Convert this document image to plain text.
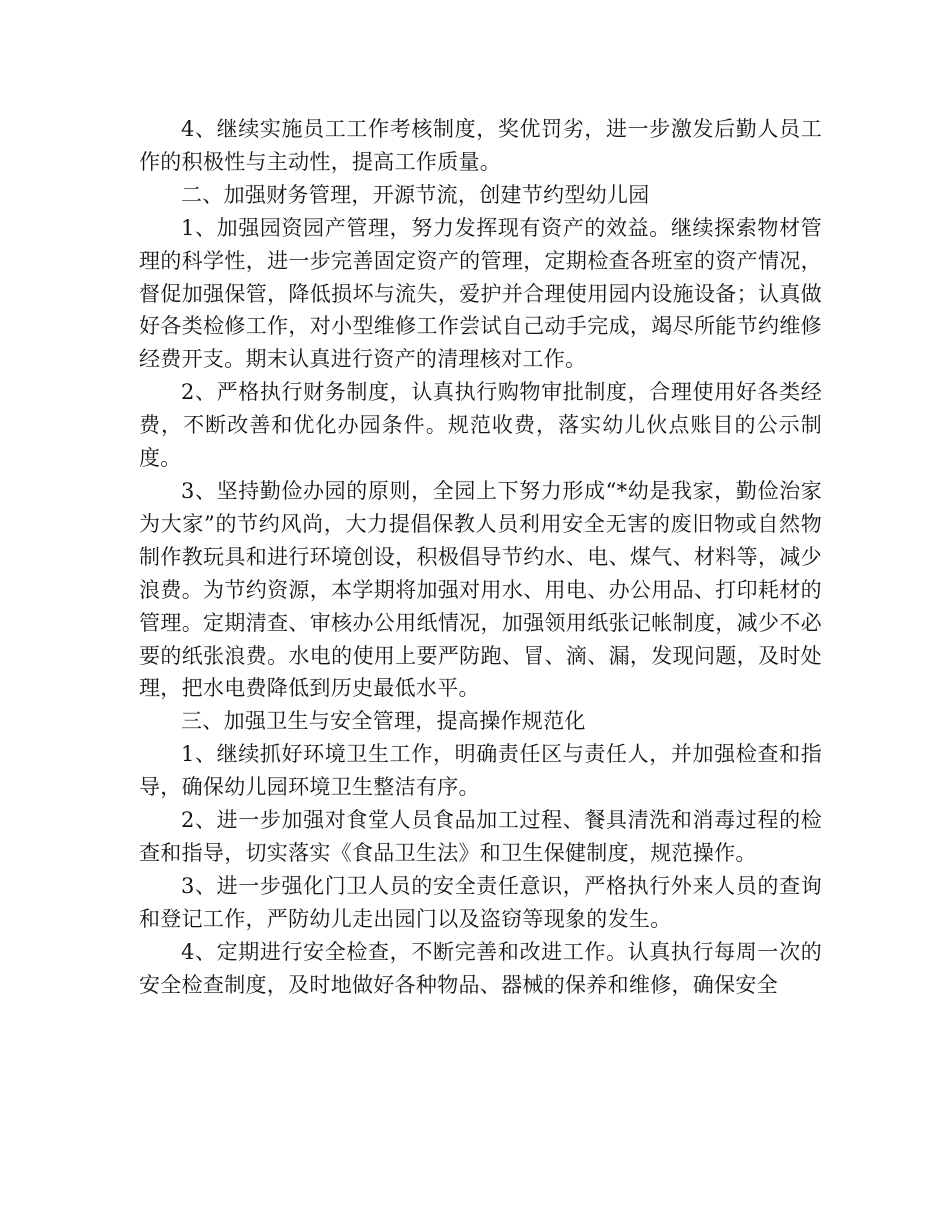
4、继续实施员工工作考核制度，奖优罚劣，进一步激发后勤人员工作的积极性与主动性，提高工作质量。

二、加强财务管理，开源节流，创建节约型幼儿园

1、加强园资园产管理，努力发挥现有资产的效益。继续探索物材管理的科学性，进一步完善固定资产的管理，定期检查各班室的资产情况，督促加强保管，降低损坏与流失，爱护并合理使用园内设施设备；认真做好各类检修工作，对小型维修工作尝试自己动手完成，竭尽所能节约维修经费开支。期末认真进行资产的清理核对工作。

2、严格执行财务制度，认真执行购物审批制度，合理使用好各类经费，不断改善和优化办园条件。规范收费，落实幼儿伙点账目的公示制度。

3、坚持勤俭办园的原则，全园上下努力形成“*幼是我家，勤俭治家为大家”的节约风尚，大力提倡保教人员利用安全无害的废旧物或自然物制作教玩具和进行环境创设，积极倡导节约水、电、煤气、材料等，减少浪费。为节约资源，本学期将加强对用水、用电、办公用品、打印耗材的管理。定期清查、审核办公用纸情况，加强领用纸张记帐制度，减少不必要的纸张浪费。水电的使用上要严防跑、冒、滴、漏，发现问题，及时处理，把水电费降低到历史最低水平。

三、加强卫生与安全管理，提高操作规范化

1、继续抓好环境卫生工作，明确责任区与责任人，并加强检查和指导，确保幼儿园环境卫生整洁有序。

2、进一步加强对食堂人员食品加工过程、餐具清洗和消毒过程的检查和指导，切实落实《食品卫生法》和卫生保健制度，规范操作。

3、进一步强化门卫人员的安全责任意识，严格执行外来人员的查询和登记工作，严防幼儿走出园门以及盗窃等现象的发生。

4、定期进行安全检查，不断完善和改进工作。认真执行每周一次的安全检查制度，及时地做好各种物品、器械的保养和维修，确保安全
